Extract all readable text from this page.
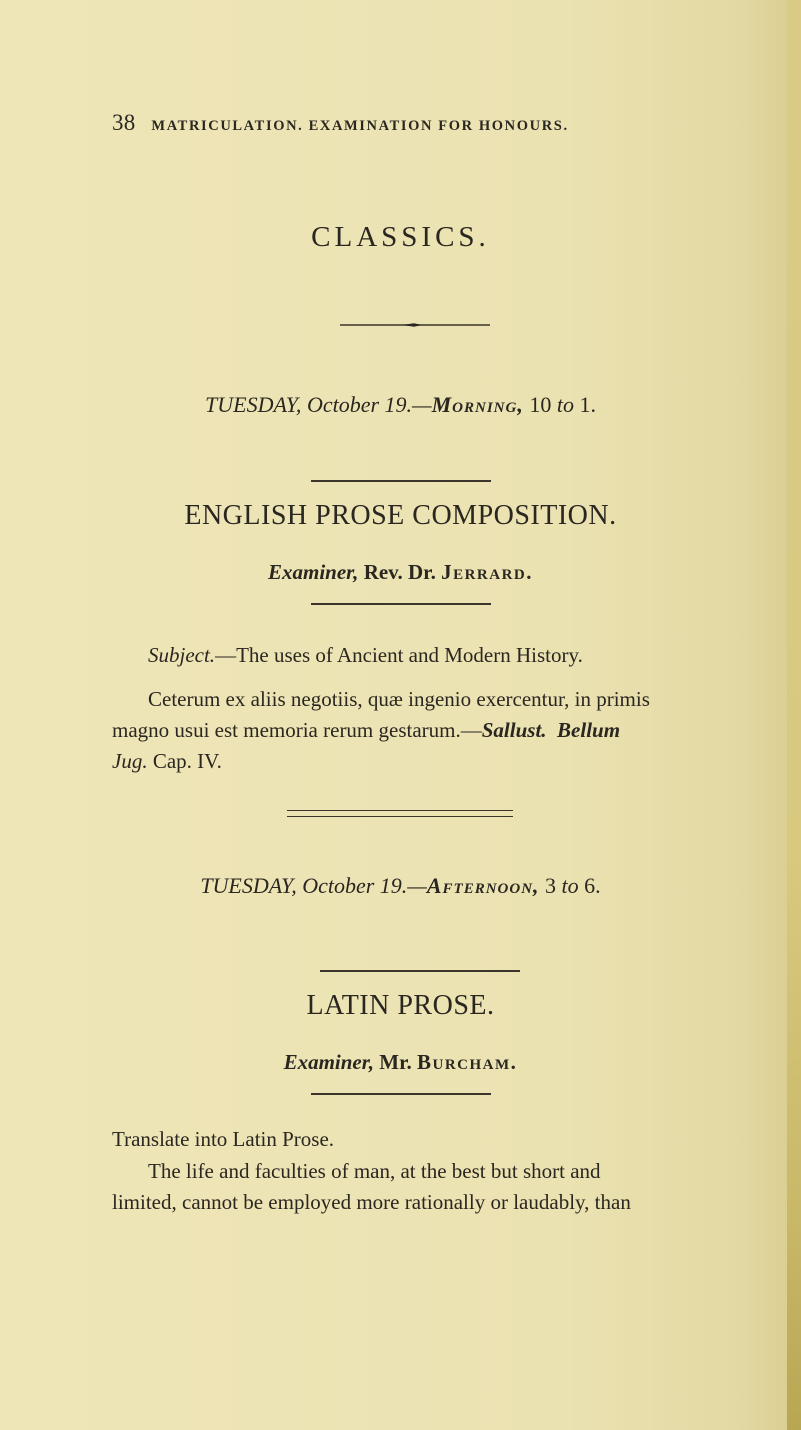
38 MATRICULATION. EXAMINATION FOR HONOURS.
CLASSICS.
TUESDAY, October 19.—Morning, 10 to 1.
ENGLISH PROSE COMPOSITION.
Examiner, Rev. Dr. Jerrard.
Subject.—The uses of Ancient and Modern History.
Ceterum ex aliis negotiis, quæ ingenio exercentur, in primis
magno usui est memoria rerum gestarum.—Sallust. Bellum
Jug. Cap. IV.
TUESDAY, October 19.—Afternoon, 3 to 6.
LATIN PROSE.
Examiner, Mr. Burcham.
Translate into Latin Prose.
The life and faculties of man, at the best but short and
limited, cannot be employed more rationally or laudably, than
